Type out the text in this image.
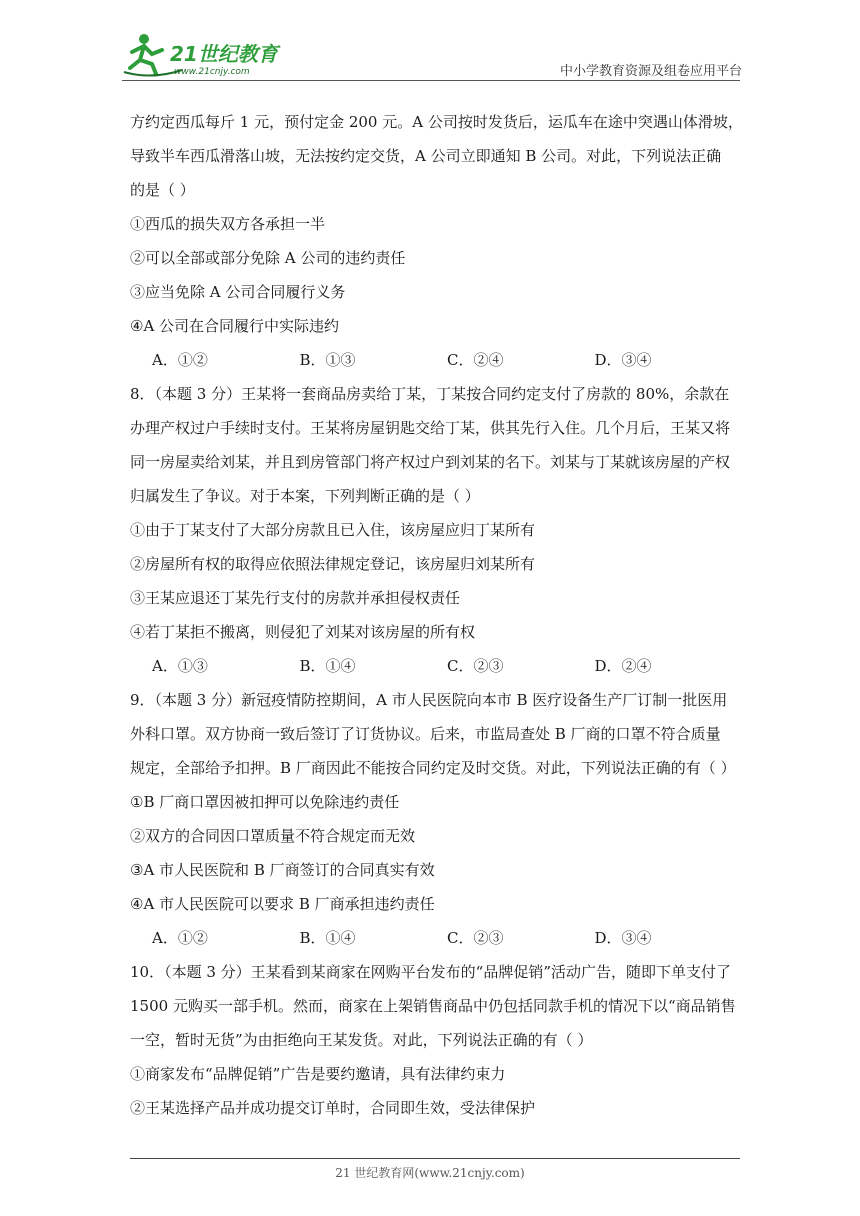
21世纪教育
www.21cnjy.com	中小学教育资源及组卷应用平台
方约定西瓜每斤 1 元，预付定金 200 元。A 公司按时发货后，运瓜车在途中突遇山体滑坡，
导致半车西瓜滑落山坡，无法按约定交货，A 公司立即通知 B 公司。对此，下列说法正确
的是（ ）
①西瓜的损失双方各承担一半
②可以全部或部分免除 A 公司的违约责任
③应当免除 A 公司合同履行义务
④A 公司在合同履行中实际违约
A．①②	B．①③	C．②④	D．③④
8．（本题 3 分）王某将一套商品房卖给丁某，丁某按合同约定支付了房款的 80%，余款在
办理产权过户手续时支付。王某将房屋钥匙交给丁某，供其先行入住。几个月后，王某又将
同一房屋卖给刘某，并且到房管部门将产权过户到刘某的名下。刘某与丁某就该房屋的产权
归属发生了争议。对于本案，下列判断正确的是（ ）
①由于丁某支付了大部分房款且已入住，该房屋应归丁某所有
②房屋所有权的取得应依照法律规定登记，该房屋归刘某所有
③王某应退还丁某先行支付的房款并承担侵权责任
④若丁某拒不搬离，则侵犯了刘某对该房屋的所有权
A．①③	B．①④	C．②③	D．②④
9．（本题 3 分）新冠疫情防控期间，A 市人民医院向本市 B 医疗设备生产厂订制一批医用
外科口罩。双方协商一致后签订了订货协议。后来，市监局查处 B 厂商的口罩不符合质量
规定，全部给予扣押。B 厂商因此不能按合同约定及时交货。对此，下列说法正确的有（ ）
①B 厂商口罩因被扣押可以免除违约责任
②双方的合同因口罩质量不符合规定而无效
③A 市人民医院和 B 厂商签订的合同真实有效
④A 市人民医院可以要求 B 厂商承担违约责任
A．①②	B．①④	C．②③	D．③④
10．（本题 3 分）王某看到某商家在网购平台发布的“品牌促销”活动广告，随即下单支付了
1500 元购买一部手机。然而，商家在上架销售商品中仍包括同款手机的情况下以“商品销售
一空，暂时无货”为由拒绝向王某发货。对此，下列说法正确的有（ ）
①商家发布“品牌促销”广告是要约邀请，具有法律约束力
②王某选择产品并成功提交订单时，合同即生效，受法律保护
21 世纪教育网(www.21cnjy.com)
